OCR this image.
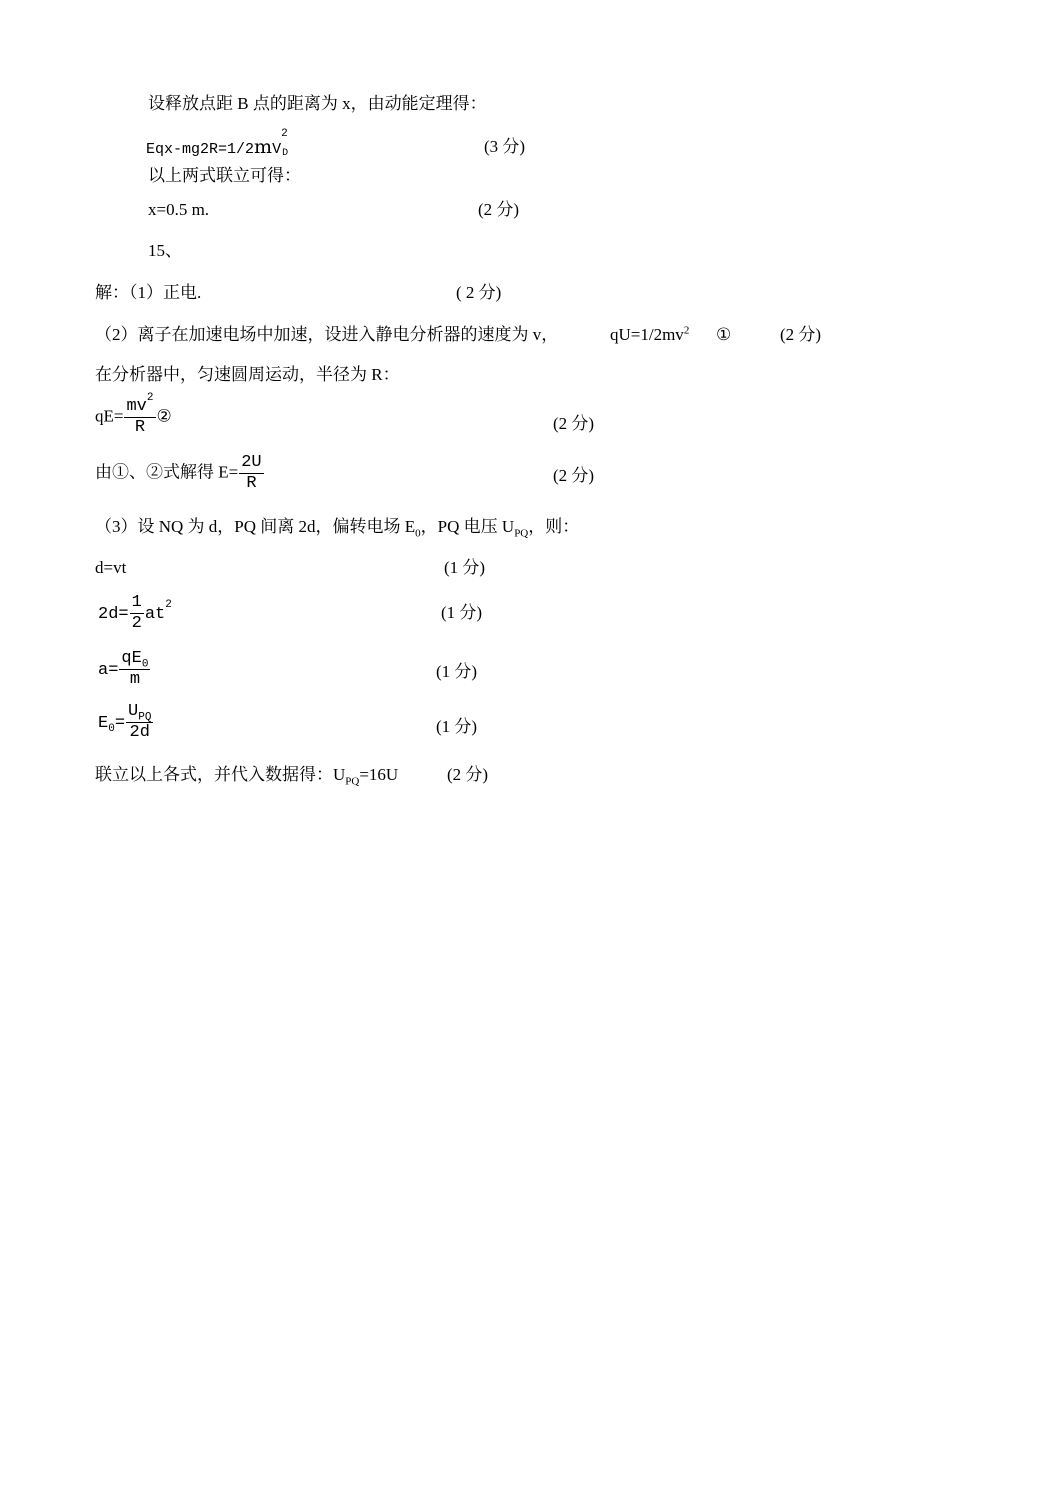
设释放点距 B 点的距离为 x，由动能定理得：
Eqx-mg2R=1/2mV
2
D	(3 分)
以上两式联立可得：
x=0.5 m.	(2 分)
15、
解：（1）正电.	( 2 分)
（2）离子在加速电场中加速，设进入静电分析器的速度为 v，	$qU=1/2mv^2$ ①	(2 分)
在分析器中，匀速圆周运动，半径为 R：
$qE= \frac{mv^2}{R}$ ②	(2 分)
由①、②式解得 $E= \frac{2U}{R}$	(2 分)
（3）设 NQ 为 d，PQ 间离 2d，偏转电场 $E_0$，PQ 电压 $U_{PQ}$，则：
d=vt	(1 分)
$2d= \frac{1}{2} at^2$	(1 分)
$a= \frac{qE_0}{m}$	(1 分)
$E_0= \frac{U_{PQ}}{2d}$	(1 分)
联立以上各式，并代入数据得：$U_{PQ}=16U$	(2 分)
